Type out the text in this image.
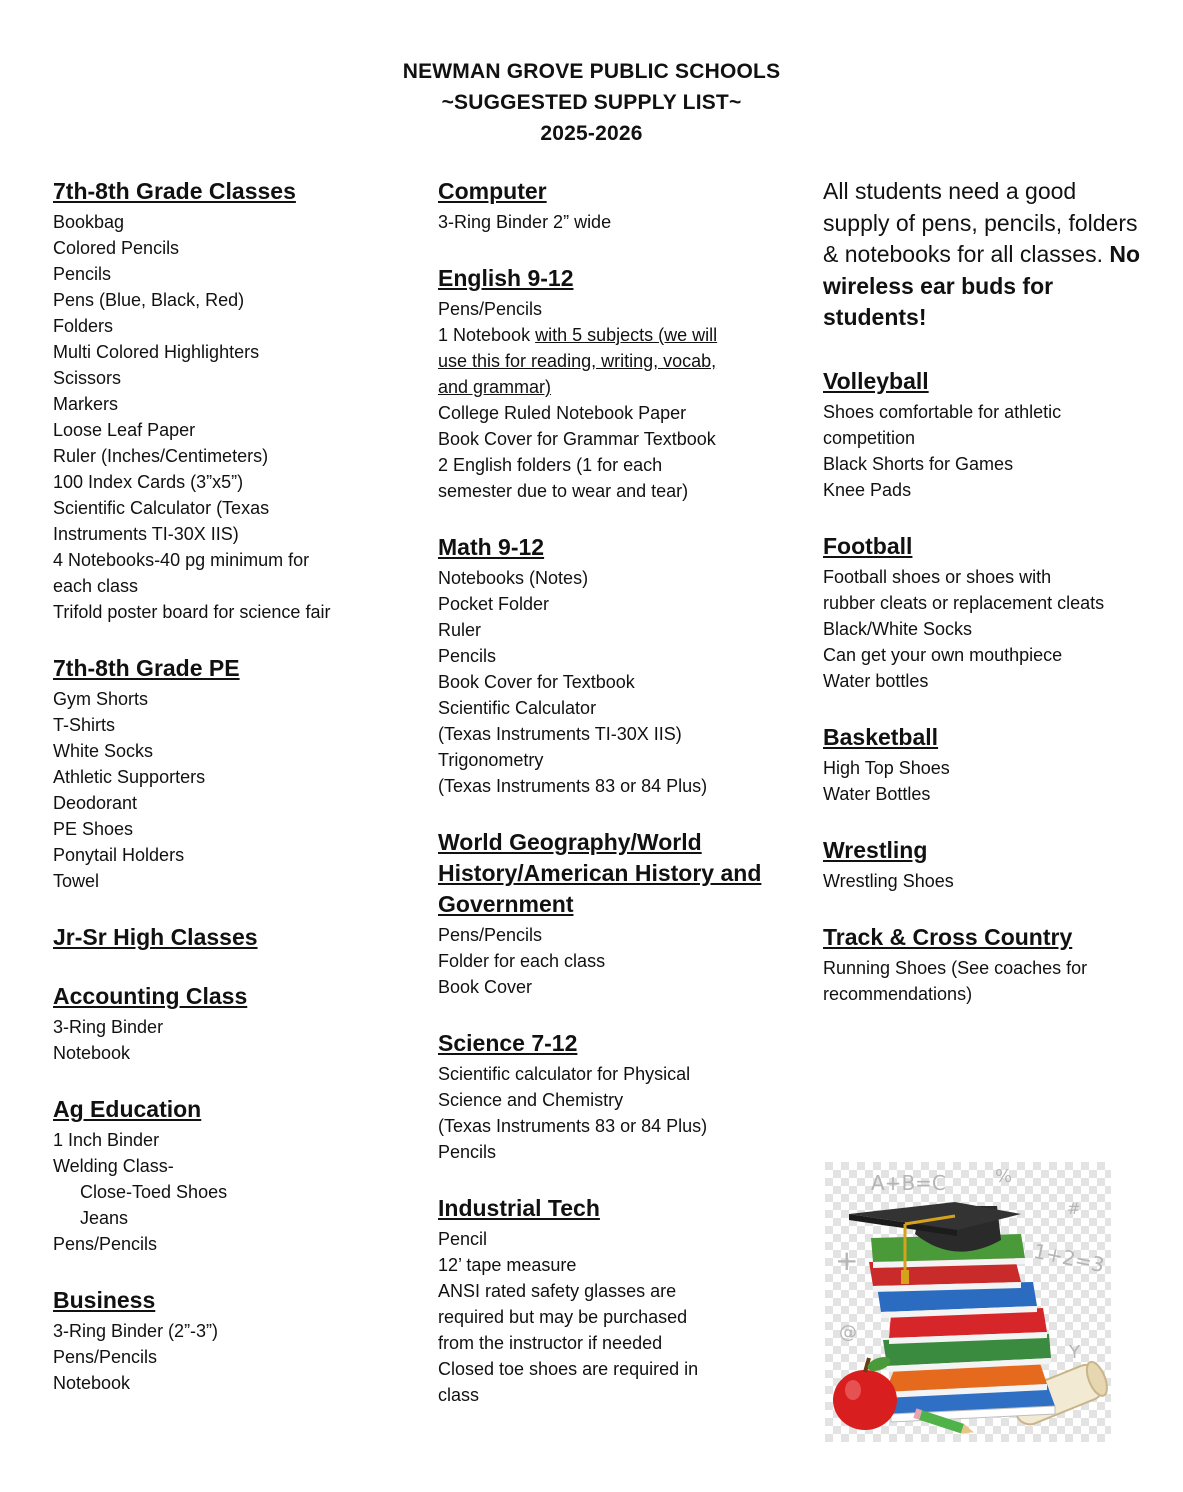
NEWMAN GROVE PUBLIC SCHOOLS
~SUGGESTED SUPPLY LIST~
2025-2026
7th-8th Grade Classes
Bookbag
Colored Pencils
Pencils
Pens (Blue, Black, Red)
Folders
Multi Colored Highlighters
Scissors
Markers
Loose Leaf Paper
Ruler (Inches/Centimeters)
100 Index Cards (3”x5”)
Scientific Calculator (Texas
Instruments TI-30X IIS)
4 Notebooks-40 pg minimum for
each class
Trifold poster board for science fair
7th-8th Grade PE
Gym Shorts
T-Shirts
White Socks
Athletic Supporters
Deodorant
PE Shoes
Ponytail Holders
Towel
Jr-Sr High Classes
Accounting Class
3-Ring Binder
Notebook
Ag Education
1 Inch Binder
Welding Class-
Close-Toed Shoes
Jeans
Pens/Pencils
Business
3-Ring Binder (2”-3”)
Pens/Pencils
Notebook
Computer
3-Ring Binder 2” wide
English 9-12
Pens/Pencils
1 Notebook with 5 subjects (we will
use this for reading, writing, vocab,
and grammar)
College Ruled Notebook Paper
Book Cover for Grammar Textbook
2 English folders (1 for each
semester due to wear and tear)
Math 9-12
Notebooks (Notes)
Pocket Folder
Ruler
Pencils
Book Cover for Textbook
Scientific Calculator
(Texas Instruments TI-30X IIS)
Trigonometry
(Texas Instruments 83 or 84 Plus)
World Geography/World History/American History and Government
Pens/Pencils
Folder for each class
Book Cover
Science 7-12
Scientific calculator for Physical
Science and Chemistry
(Texas Instruments 83 or 84 Plus)
Pencils
Industrial Tech
Pencil
12’ tape measure
ANSI rated safety glasses are
required but may be purchased
from the instructor if needed
Closed toe shoes are required in
class

All students need a good supply of pens, pencils, folders & notebooks for all classes. No wireless ear buds for students!

Volleyball
Shoes comfortable for athletic
competition
Black Shorts for Games
Knee Pads
Football
Football shoes or shoes with
rubber cleats or replacement cleats
Black/White Socks
Can get your own mouthpiece
Water bottles
Basketball
High Top Shoes
Water Bottles
Wrestling
Wrestling Shoes
Track & Cross Country
Running Shoes (See coaches for
recommendations)
A+B=C	%
#
1+2=3
+
@
Y
